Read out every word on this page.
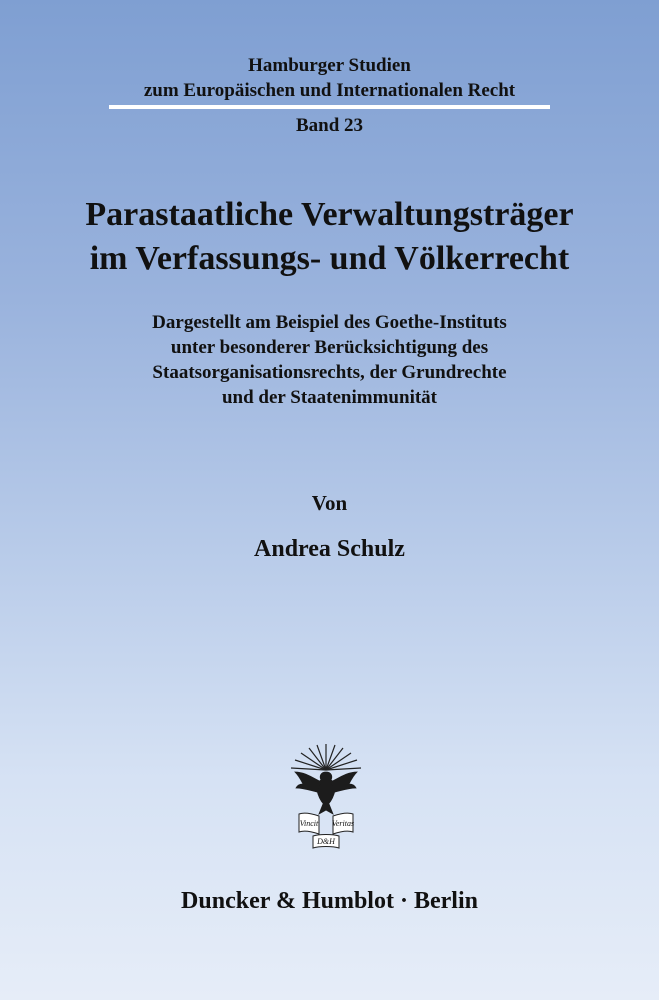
Hamburger Studien
zum Europäischen und Internationalen Recht
Band 23
Parastaatliche Verwaltungsträger
im Verfassungs- und Völkerrecht
Dargestellt am Beispiel des Goethe-Instituts
unter besonderer Berücksichtigung des
Staatsorganisationsrechts, der Grundrechte
und der Staatenimmunität
Von
Andrea Schulz
Vincit Veritas
D&H
Duncker & Humblot · Berlin
